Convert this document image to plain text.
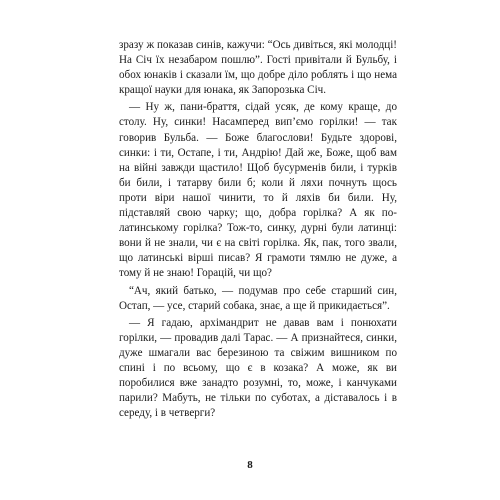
зразу ж показав синів, кажучи: “Ось дивіться, які молодці! На Січ їх незабаром пошлю”. Гості привітали й Бульбу, і обох юнаків і сказали їм, що добре діло роблять і що нема кращої науки для юнака, як Запорозька Січ.

— Ну ж, пани-браття, сідай усяк, де кому краще, до столу. Ну, синки! Насамперед вип’ємо горілки! — так говорив Бульба. — Боже благослови! Будьте здорові, синки: і ти, Остапе, і ти, Андрію! Дай же, Боже, щоб вам на війні завжди щастило! Щоб бусурменів били, і турків би били, і татарву били б; коли й ляхи почнуть щось проти віри нашої чинити, то й ляхів би били. Ну, підставляй свою чарку; що, добра горілка? А як по-латинському горілка? Тож-то, синку, дурні були латинці: вони й не знали, чи є на світі горілка. Як, пак, того звали, що латинські вірші писав? Я грамоти тямлю не дуже, а тому й не знаю! Горацій, чи що?

“Ач, який батько, — подумав про себе старший син, Остап, — усе, старий собака, знає, а ще й прикидається”.

— Я гадаю, архімандрит не давав вам і понюхати горілки, — провадив далі Тарас. — А признайтеся, синки, дуже шмагали вас березиною та свіжим вишником по спині і по всьому, що є в козака? А може, як ви поробилися вже занадто розумні, то, може, і канчуками парили? Мабуть, не тільки по суботах, а діставалось і в середу, і в четверги?

8
